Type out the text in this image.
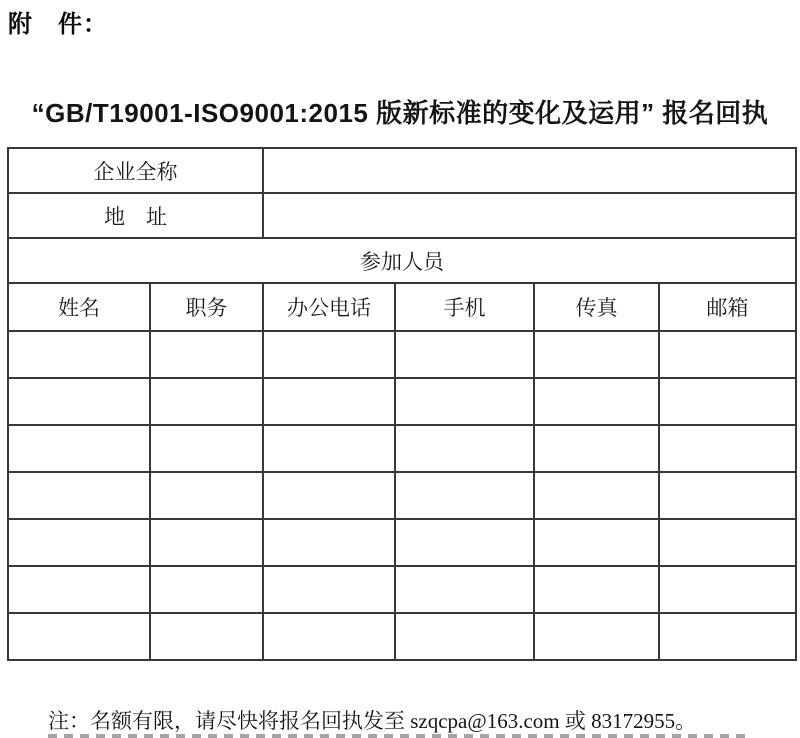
附　件：
“GB/T19001-ISO9001:2015 版新标准的变化及运用” 报名回执
企业全称					
地　址					
参加人员					
姓名	职务	办公电话	手机	传真	邮箱

注：名额有限，请尽快将报名回执发至 szqcpa@163.com 或 83172955。
